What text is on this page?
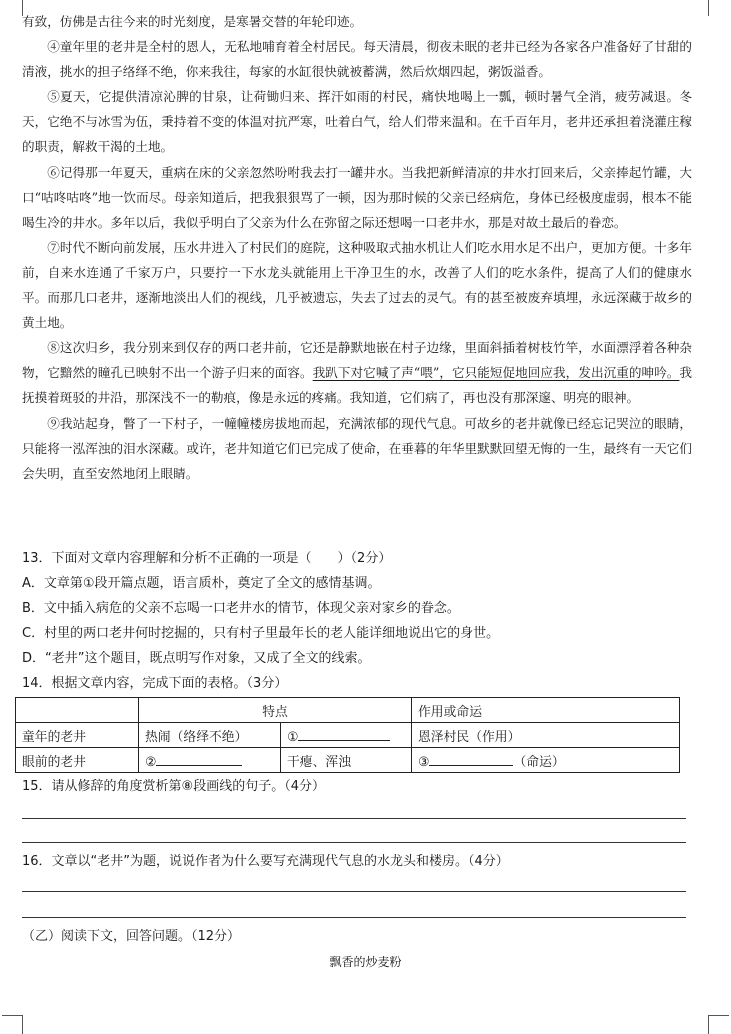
有致，仿佛是古往今来的时光刻度，是寒暑交替的年轮印迹。

④童年里的老井是全村的恩人，无私地哺育着全村居民。每天清晨，彻夜未眠的老井已经为各家各户准备好了甘甜的清液，挑水的担子络绎不绝，你来我往，每家的水缸很快就被蓄满，然后炊烟四起，粥饭溢香。

⑤夏天，它提供清凉沁脾的甘泉，让荷锄归来、挥汗如雨的村民，痛快地喝上一瓢，顿时暑气全消，疲劳减退。冬天，它绝不与冰雪为伍，秉持着不变的体温对抗严寒，吐着白气，给人们带来温和。在千百年月，老井还承担着浇灌庄稼的职责，解救干渴的土地。

⑥记得那一年夏天，重病在床的父亲忽然吩咐我去打一罐井水。当我把新鲜清凉的井水打回来后，父亲捧起竹罐，大口“咕咚咕咚”地一饮而尽。母亲知道后，把我狠狠骂了一顿，因为那时候的父亲已经病危，身体已经极度虚弱，根本不能喝生冷的井水。多年以后，我似乎明白了父亲为什么在弥留之际还想喝一口老井水，那是对故土最后的眷恋。

⑦时代不断向前发展，压水井进入了村民们的庭院，这种吸取式抽水机让人们吃水用水足不出户，更加方便。十多年前，自来水连通了千家万户，只要拧一下水龙头就能用上干净卫生的水，改善了人们的吃水条件，提高了人们的健康水平。而那几口老井，逐渐地淡出人们的视线，几乎被遗忘，失去了过去的灵气。有的甚至被废弃填埋，永远深藏于故乡的黄土地。

⑧这次归乡，我分别来到仅存的两口老井前，它还是静默地嵌在村子边缘，里面斜插着树枝竹竿，水面漂浮着各种杂物，它黯然的瞳孔已映射不出一个游子归来的面容。我趴下对它喊了声“喂”，它只能短促地回应我，发出沉重的呻吟。我抚摸着斑驳的井沿，那深浅不一的勒痕，像是永远的疼痛。我知道，它们病了，再也没有那深邃、明亮的眼神。

⑨我站起身，瞥了一下村子，一幢幢楼房拔地而起，充满浓郁的现代气息。可故乡的老井就像已经忘记哭泣的眼睛，只能将一泓浑浊的泪水深藏。或许，老井知道它们已完成了使命，在垂暮的年华里默默回望无悔的一生，最终有一天它们会失明，直至安然地闭上眼睛。

13．下面对文章内容理解和分析不正确的一项是（　　）（2分）

A．文章第①段开篇点题，语言质朴，奠定了全文的感情基调。

B．文中插入病危的父亲不忘喝一口老井水的情节，体现父亲对家乡的眷念。

C．村里的两口老井何时挖掘的，只有村子里最年长的老人能详细地说出它的身世。

D．“老井”这个题目，既点明写作对象，又成了全文的线索。

14．根据文章内容，完成下面的表格。（3分）

	特点		作用或命运
童年的老井	热闹（络绎不绝）	①	恩泽村民（作用）
眼前的老井	②	干瘪、浑浊	③ （命运）

15．请从修辞的角度赏析第⑧段画线的句子。（4分）

16．文章以“老井”为题，说说作者为什么要写充满现代气息的水龙头和楼房。（4分）

（乙）阅读下文，回答问题。（12分）

飘香的炒麦粉
